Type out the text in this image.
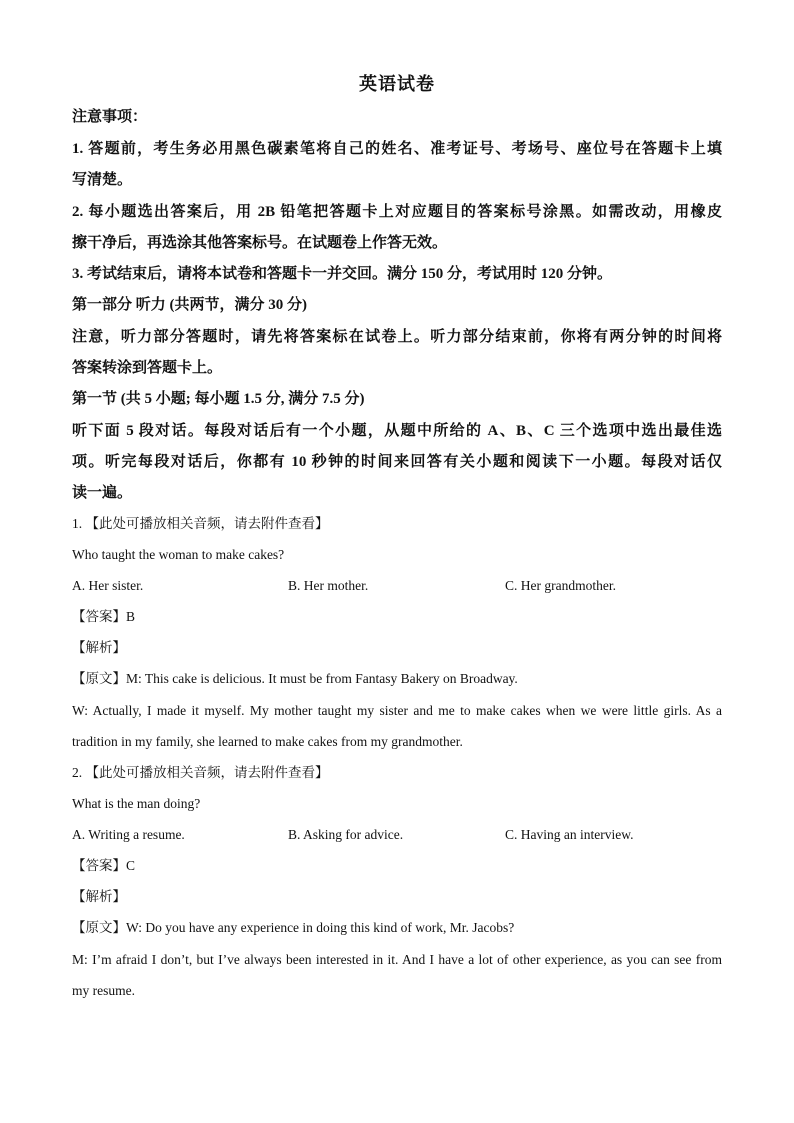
英语试卷
注意事项：
1. 答题前，考生务必用黑色碳素笔将自己的姓名、准考证号、考场号、座位号在答题卡上填
写清楚。
2. 每小题选出答案后，用 2B 铅笔把答题卡上对应题目的答案标号涂黑。如需改动，用橡皮
擦干净后，再选涂其他答案标号。在试题卷上作答无效。
3. 考试结束后，请将本试卷和答题卡一并交回。满分 150 分，考试用时 120 分钟。
第一部分 听力 (共两节，满分 30 分)
注意，听力部分答题时，请先将答案标在试卷上。听力部分结束前，你将有两分钟的时间将
答案转涂到答题卡上。
第一节 (共 5 小题; 每小题 1.5 分, 满分 7.5 分)
听下面 5 段对话。每段对话后有一个小题，从题中所给的 A、B、C 三个选项中选出最佳选
项。听完每段对话后，你都有 10 秒钟的时间来回答有关小题和阅读下一小题。每段对话仅
读一遍。
1. 【此处可播放相关音频，请去附件查看】
Who taught the woman to make cakes?
A. Her sister.	B. Her mother.	C. Her grandmother.
【答案】B
【解析】
【原文】M: This cake is delicious. It must be from Fantasy Bakery on Broadway.
W: Actually, I made it myself. My mother taught my sister and me to make cakes when we were little girls. As a
tradition in my family, she learned to make cakes from my grandmother.
2. 【此处可播放相关音频，请去附件查看】
What is the man doing?
A. Writing a resume.	B. Asking for advice.	C. Having an interview.
【答案】C
【解析】
【原文】W: Do you have any experience in doing this kind of work, Mr. Jacobs?
M: I’m afraid I don’t, but I’ve always been interested in it. And I have a lot of other experience, as you can see from
my resume.
